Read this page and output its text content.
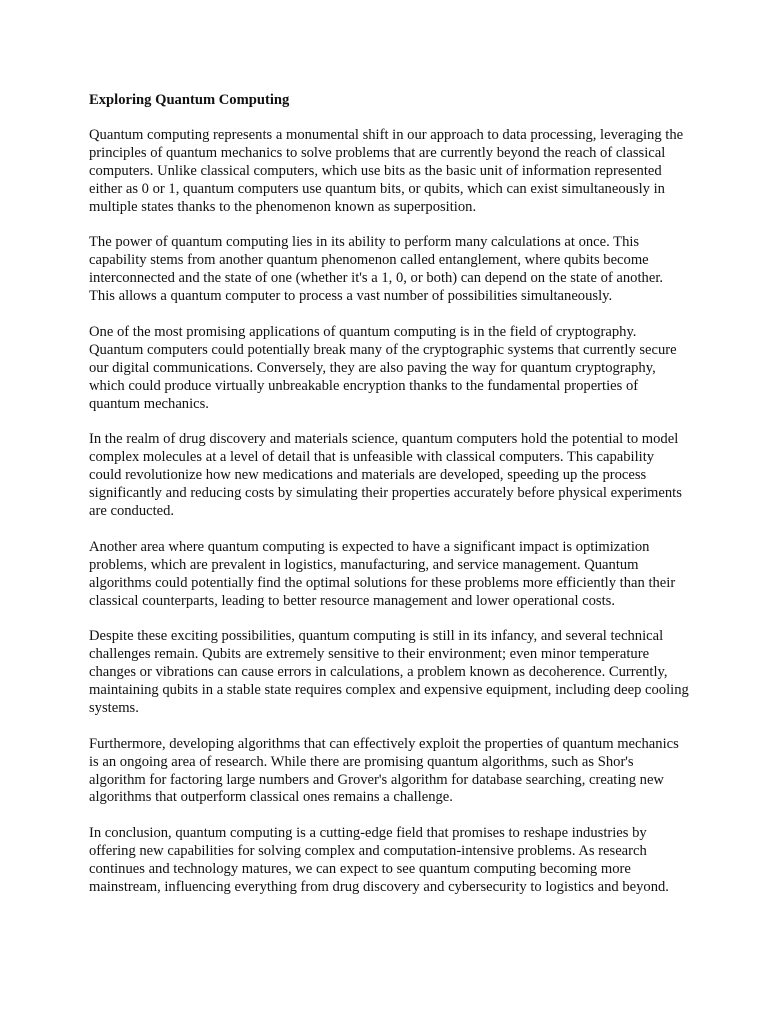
Exploring Quantum Computing

Quantum computing represents a monumental shift in our approach to data processing, leveraging the principles of quantum mechanics to solve problems that are currently beyond the reach of classical computers. Unlike classical computers, which use bits as the basic unit of information represented either as 0 or 1, quantum computers use quantum bits, or qubits, which can exist simultaneously in multiple states thanks to the phenomenon known as superposition.

The power of quantum computing lies in its ability to perform many calculations at once. This capability stems from another quantum phenomenon called entanglement, where qubits become interconnected and the state of one (whether it's a 1, 0, or both) can depend on the state of another. This allows a quantum computer to process a vast number of possibilities simultaneously.

One of the most promising applications of quantum computing is in the field of cryptography. Quantum computers could potentially break many of the cryptographic systems that currently secure our digital communications. Conversely, they are also paving the way for quantum cryptography, which could produce virtually unbreakable encryption thanks to the fundamental properties of quantum mechanics.

In the realm of drug discovery and materials science, quantum computers hold the potential to model complex molecules at a level of detail that is unfeasible with classical computers. This capability could revolutionize how new medications and materials are developed, speeding up the process significantly and reducing costs by simulating their properties accurately before physical experiments are conducted.

Another area where quantum computing is expected to have a significant impact is optimization problems, which are prevalent in logistics, manufacturing, and service management. Quantum algorithms could potentially find the optimal solutions for these problems more efficiently than their classical counterparts, leading to better resource management and lower operational costs.

Despite these exciting possibilities, quantum computing is still in its infancy, and several technical challenges remain. Qubits are extremely sensitive to their environment; even minor temperature changes or vibrations can cause errors in calculations, a problem known as decoherence. Currently, maintaining qubits in a stable state requires complex and expensive equipment, including deep cooling systems.

Furthermore, developing algorithms that can effectively exploit the properties of quantum mechanics is an ongoing area of research. While there are promising quantum algorithms, such as Shor's algorithm for factoring large numbers and Grover's algorithm for database searching, creating new algorithms that outperform classical ones remains a challenge.

In conclusion, quantum computing is a cutting-edge field that promises to reshape industries by offering new capabilities for solving complex and computation-intensive problems. As research continues and technology matures, we can expect to see quantum computing becoming more mainstream, influencing everything from drug discovery and cybersecurity to logistics and beyond.
